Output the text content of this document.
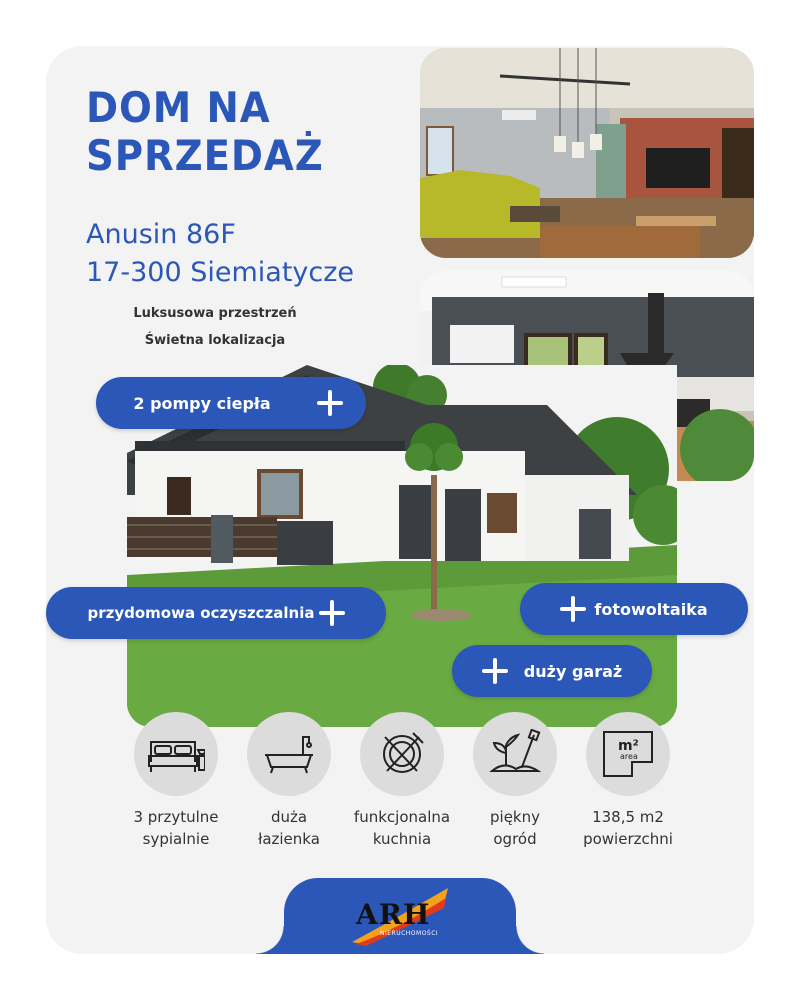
DOM NA
SPRZEDAŻ
Anusin 86F
17-300 Siemiatycze
Luksusowa przestrzeń
Świetna lokalizacja
2 pompy ciepła
przydomowa oczyszczalnia	fotowoltaika
duży garaż
3 przytulne
sypialnie
duża
łazienka
funkcjonalna
kuchnia
piękny
ogród
m²
area
138,5 m2
powierzchni
ARH
NIERUCHOMOŚCI
